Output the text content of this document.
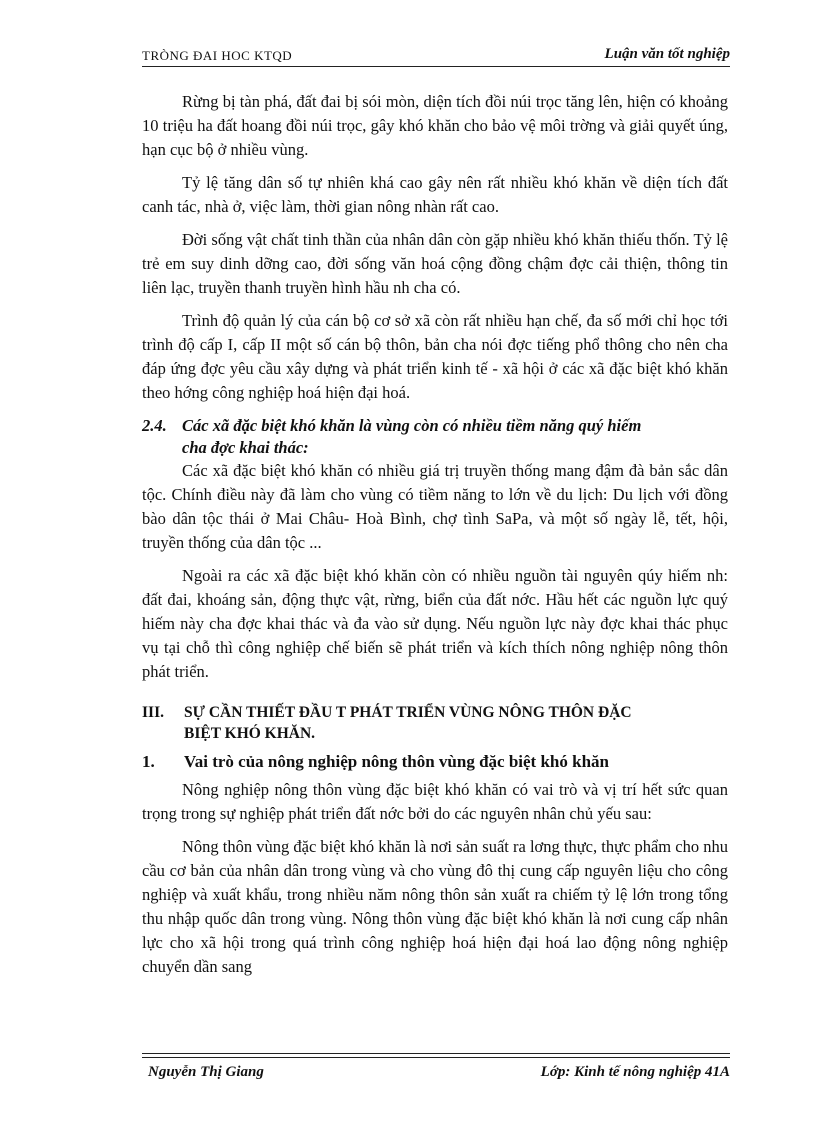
TRÒNG ĐAI HOC KTQD	Luận văn tốt nghiệp

Rừng bị tàn phá, đất đai bị sói mòn, diện tích đồi núi trọc tăng lên, hiện có khoảng 10 triệu ha đất hoang đồi núi trọc, gây khó khăn cho bảo vệ môi trờng và giải quyết úng, hạn cục bộ ở nhiều vùng.

Tỷ lệ tăng dân số tự nhiên khá cao gây nên rất nhiều khó khăn về diện tích đất canh tác, nhà ở, việc làm, thời gian nông nhàn rất cao.

Đời sống vật chất tinh thần của nhân dân còn gặp nhiều khó khăn thiếu thốn. Tỷ lệ trẻ em suy dinh dỡng cao, đời sống văn hoá cộng đồng chậm đợc cải thiện, thông tin liên lạc, truyền thanh truyền hình hầu nh cha có.

Trình độ quản lý của cán bộ cơ sở xã còn rất nhiều hạn chế, đa số mới chỉ học tới trình độ cấp I, cấp II một số cán bộ thôn, bản cha nói đợc tiếng phổ thông cho nên cha đáp ứng đợc yêu cầu xây dựng và phát triển kinh tế - xã hội ở các xã đặc biệt khó khăn theo hớng công nghiệp hoá hiện đại hoá.

2.4. Các xã đặc biệt khó khăn là vùng còn có nhiều tiềm năng quý hiếm
cha đợc khai thác:

Các xã đặc biệt khó khăn có nhiều giá trị truyền thống mang đậm đà bản sắc dân tộc. Chính điều này đã làm cho vùng có tiềm năng to lớn về du lịch: Du lịch với đồng bào dân tộc thái ở Mai Châu- Hoà Bình, chợ tình SaPa, và một số ngày lễ, tết, hội, truyền thống của dân tộc ...

Ngoài ra các xã đặc biệt khó khăn còn có nhiều nguồn tài nguyên qúy hiếm nh: đất đai, khoáng sản, động thực vật, rừng, biển của đất nớc. Hầu hết các nguồn lực quý hiếm này cha đợc khai thác và đa vào sử dụng. Nếu nguồn lực này đợc khai thác phục vụ tại chỗ thì công nghiệp chế biến sẽ phát triển và kích thích nông nghiệp nông thôn phát triển.

III. SỰ CẦN THIẾT ĐẦU T PHÁT TRIỂN VÙNG NÔNG THÔN ĐẶC
BIỆT KHÓ KHĂN.
1. Vai trò của nông nghiệp nông thôn vùng đặc biệt khó khăn

Nông nghiệp nông thôn vùng đặc biệt khó khăn có vai trò và vị trí hết sức quan trọng trong sự nghiệp phát triển đất nớc bởi do các nguyên nhân chủ yếu sau:

Nông thôn vùng đặc biệt khó khăn là nơi sản suất ra lơng thực, thực phẩm cho nhu cầu cơ bản của nhân dân trong vùng và cho vùng đô thị cung cấp nguyên liệu cho công nghiệp và xuất khẩu, trong nhiều năm nông thôn sản xuất ra chiếm tỷ lệ lớn trong tổng thu nhập quốc dân trong vùng. Nông thôn vùng đặc biệt khó khăn là nơi cung cấp nhân lực cho xã hội trong quá trình công nghiệp hoá hiện đại hoá lao động nông nghiệp chuyển dần sang

Nguyễn Thị Giang	Lớp: Kinh tế nông nghiệp 41A
